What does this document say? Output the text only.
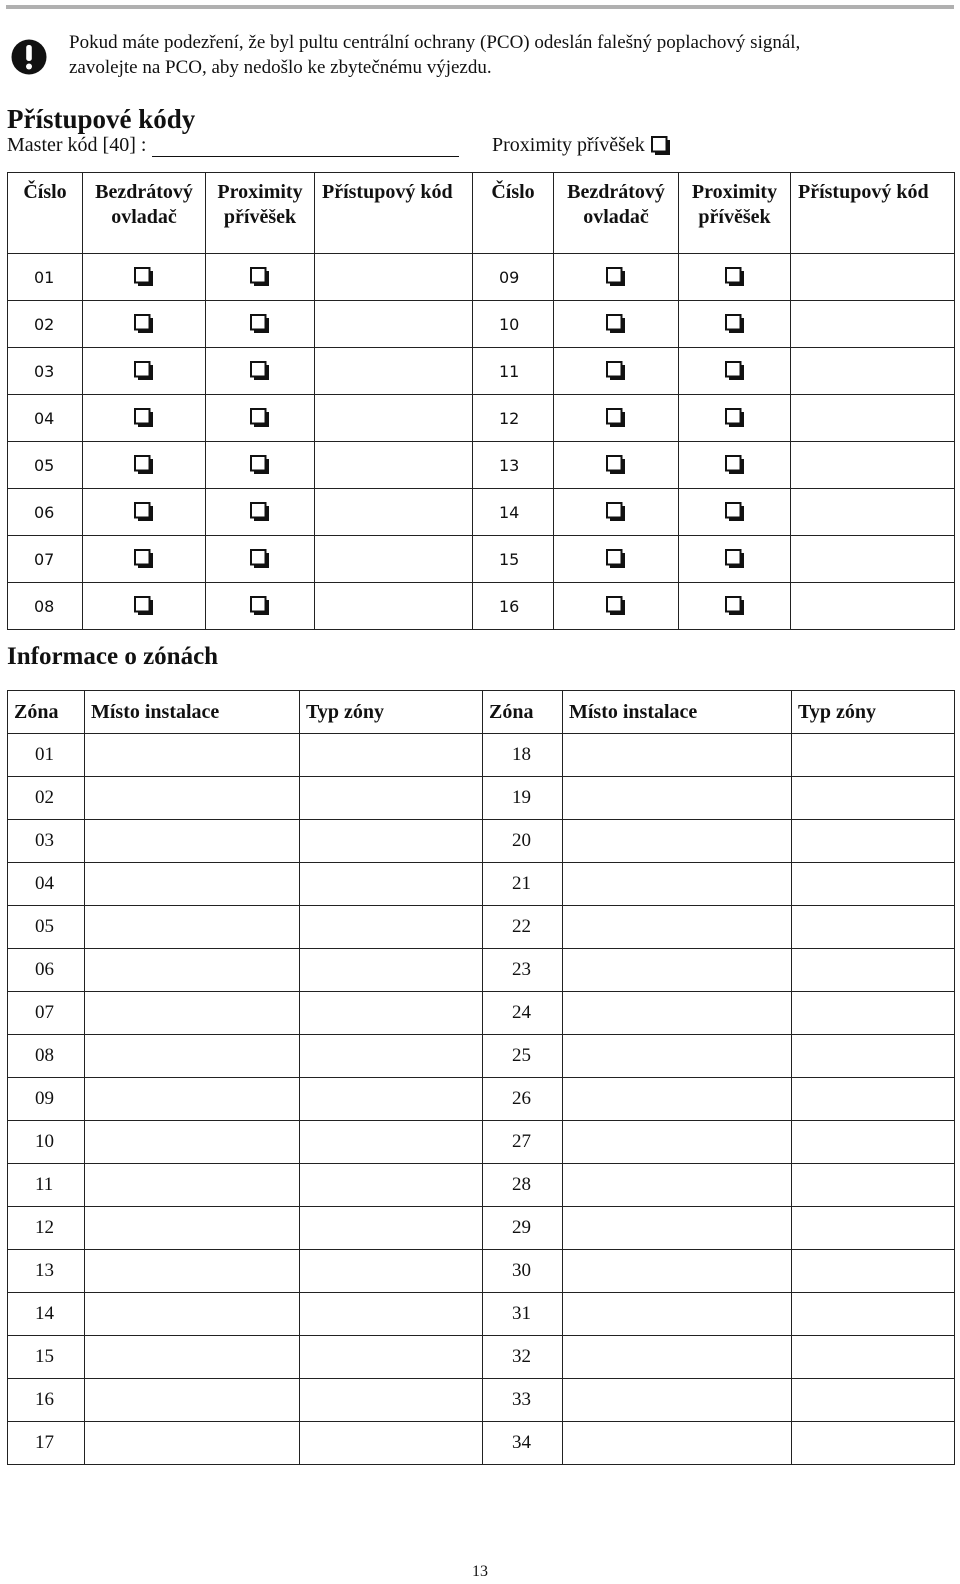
Pokud máte podezření, že byl pultu centrální ochrany (PCO) odeslán falešný poplachový signál,
zavolejte na PCO, aby nedošlo ke zbytečnému výjezdu.
Přístupové kódy
Master kód [40] :	Proximity přívěšek
Číslo	Bezdrátový
ovladač	Proximity
přívěšek	Přístupový kód	Číslo	Bezdrátový
ovladač	Proximity
přívěšek	Přístupový kód
01				09			
02				10			
03				11			
04				12			
05				13			
06				14			
07				15			
08				16			
Informace o zónách
Zóna	Místo instalace	Typ zóny	Zóna	Místo instalace	Typ zóny
01			18		
02			19		
03			20		
04			21		
05			22		
06			23		
07			24		
08			25		
09			26		
10			27		
11			28		
12			29		
13			30		
14			31		
15			32		
16			33		
17			34		
13
